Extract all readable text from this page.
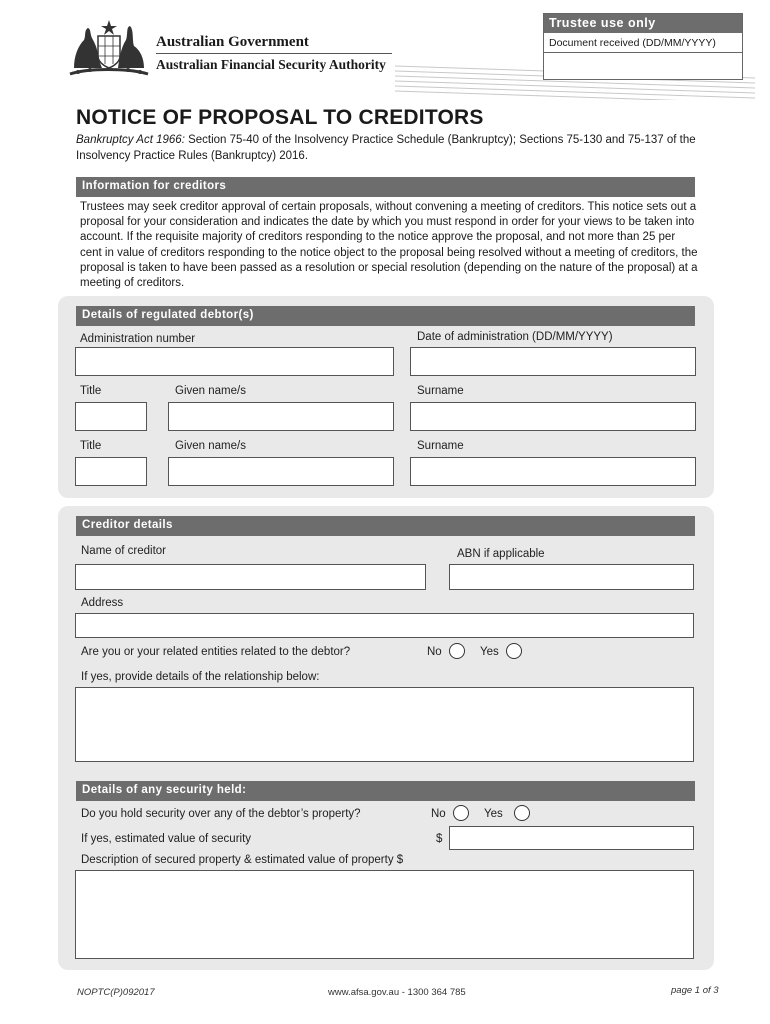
Australian Government
Australian Financial Security Authority
Trustee use only
Document received (DD/MM/YYYY)
NOTICE OF PROPOSAL TO CREDITORS
Bankruptcy Act 1966: Section 75-40 of the Insolvency Practice Schedule (Bankruptcy); Sections 75-130 and 75-137 of the Insolvency Practice Rules (Bankruptcy) 2016.
Information for creditors
Trustees may seek creditor approval of certain proposals, without convening a meeting of creditors. This notice sets out a proposal for your consideration and indicates the date by which you must respond in order for your views to be taken into account. If the requisite majority of creditors responding to the notice approve the proposal, and not more than 25 per cent in value of creditors responding to the notice object to the proposal being resolved without a meeting of creditors, the proposal is taken to have been passed as a resolution or special resolution (depending on the nature of the proposal) at a meeting of creditors.
Details of regulated debtor(s)
Administration number	Date of administration (DD/MM/YYYY)
Title	Given name/s	Surname
Title	Given name/s	Surname
Creditor details
Name of creditor	ABN if applicable
Address
Are you or your related entities related to the debtor?	No	Yes
If yes, provide details of the relationship below:
Details of any security held:
Do you hold security over any of the debtor’s property?	No	Yes
If yes, estimated value of security	$
Description of secured property & estimated value of property $
NOPTC(P)092017	www.afsa.gov.au - 1300 364 785	page 1 of 3
